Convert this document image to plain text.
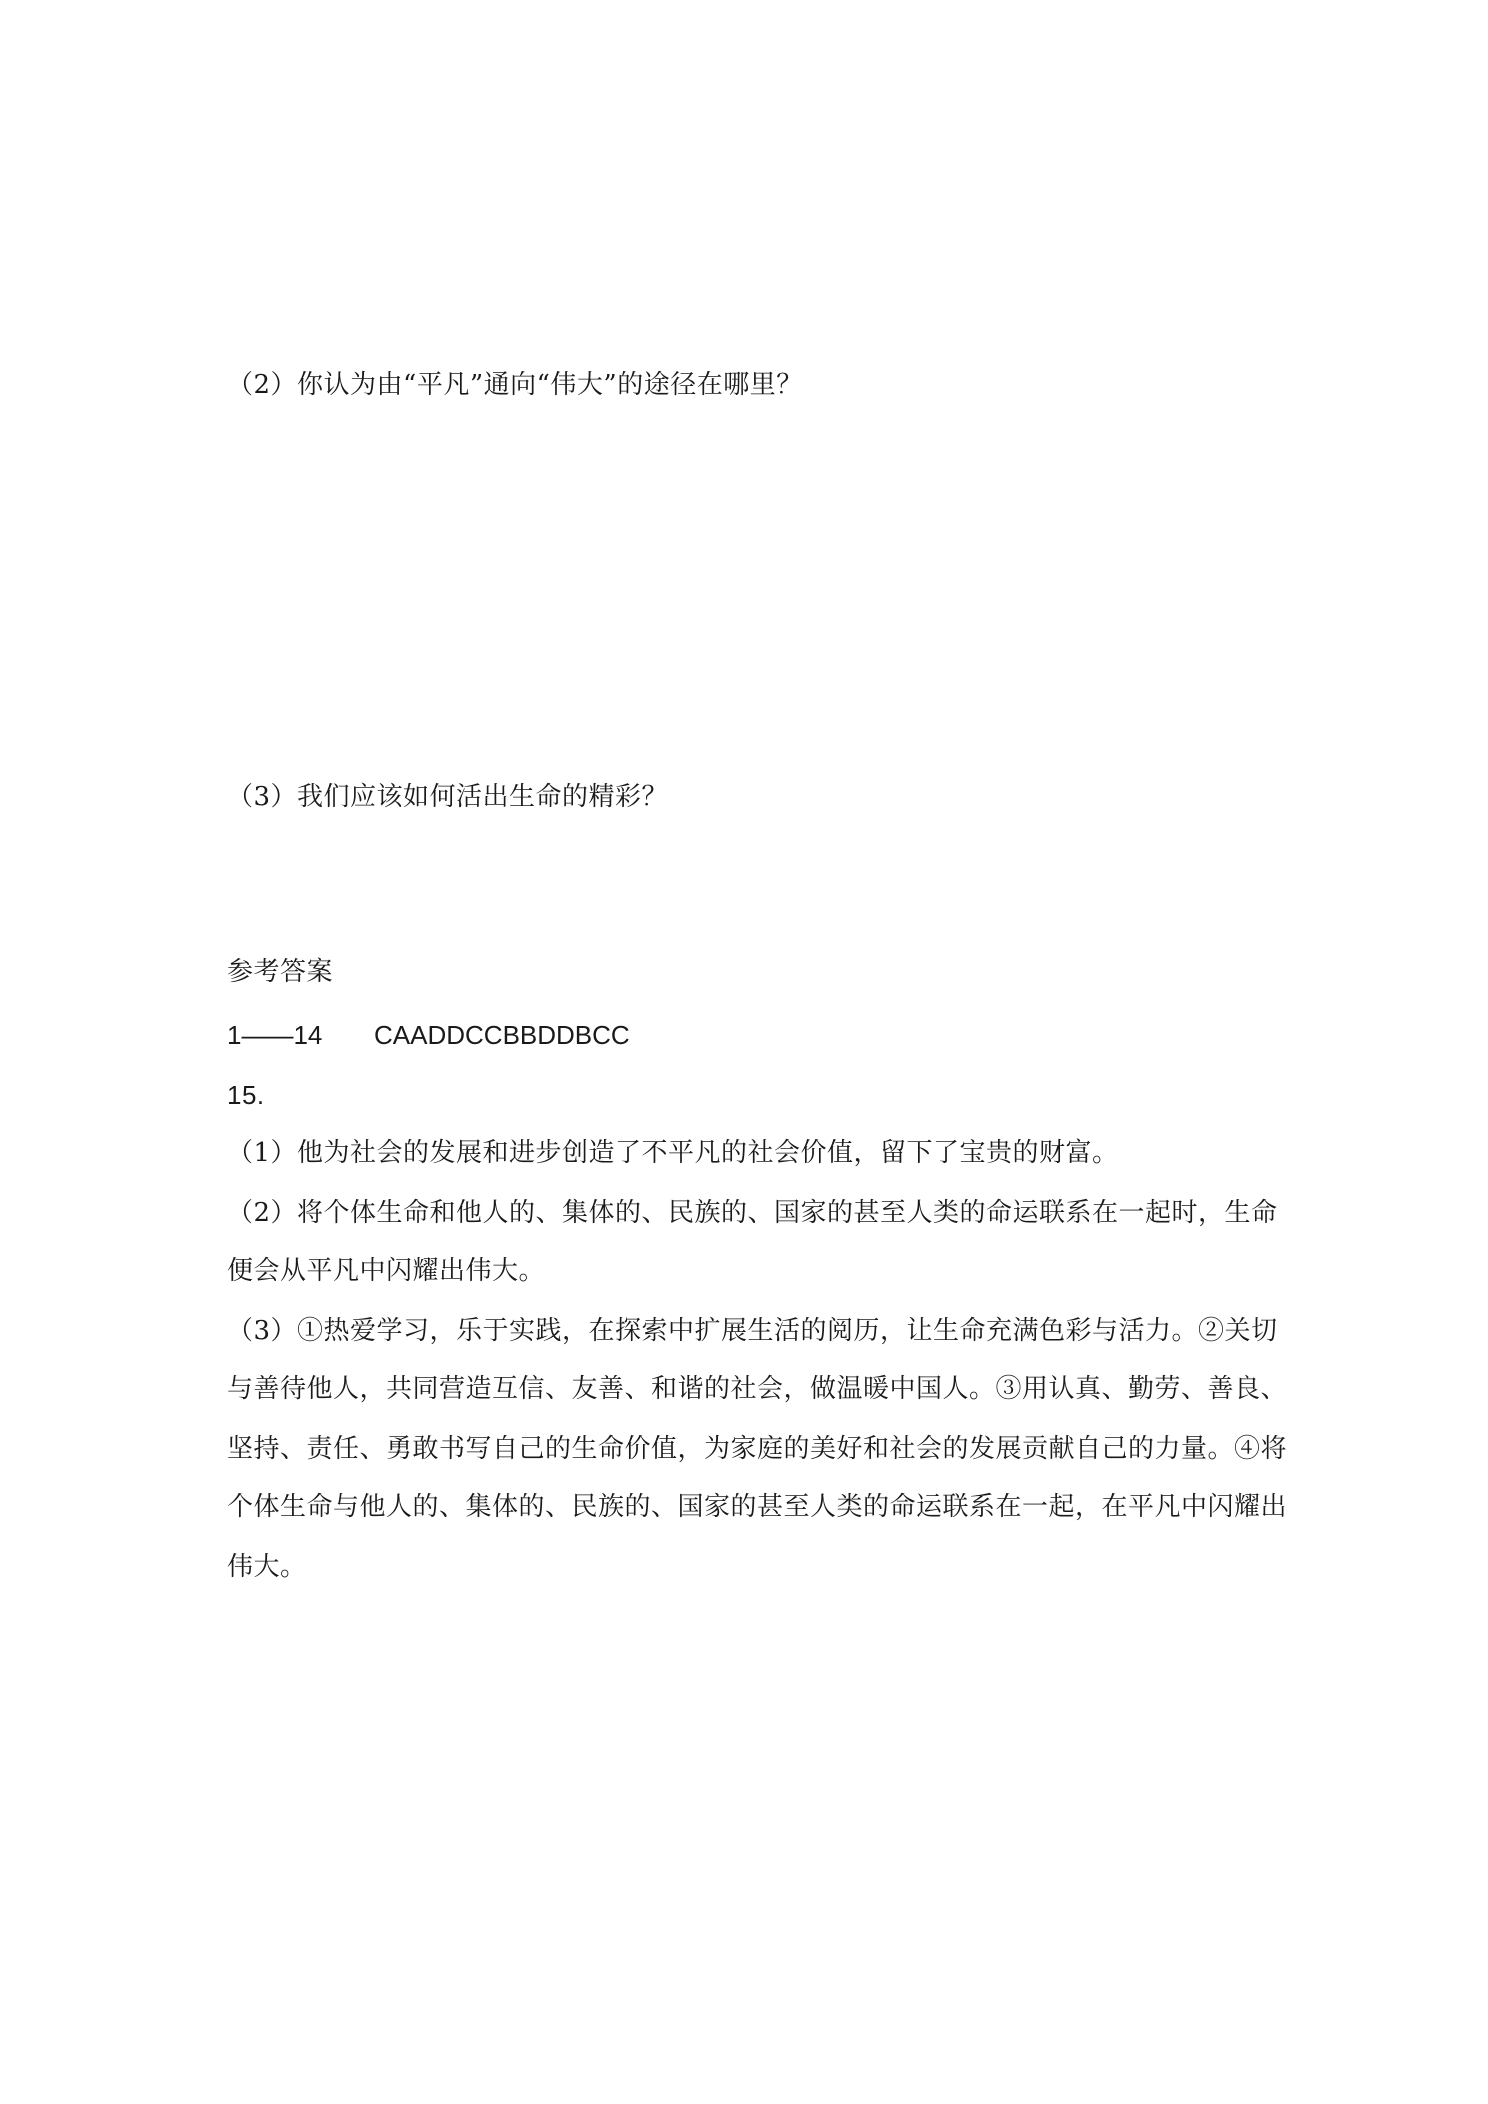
（2）你认为由“平凡”通向“伟大”的途径在哪里？
（3）我们应该如何活出生命的精彩？
参考答案
1——14 CAADDCCBBDDBCC
15.
（1）他为社会的发展和进步创造了不平凡的社会价值，留下了宝贵的财富。
（2）将个体生命和他人的、集体的、民族的、国家的甚至人类的命运联系在一起时，生命
便会从平凡中闪耀出伟大。
（3）①热爱学习，乐于实践，在探索中扩展生活的阅历，让生命充满色彩与活力。②关切
与善待他人，共同营造互信、友善、和谐的社会，做温暖中国人。③用认真、勤劳、善良、
坚持、责任、勇敢书写自己的生命价值，为家庭的美好和社会的发展贡献自己的力量。④将
个体生命与他人的、集体的、民族的、国家的甚至人类的命运联系在一起，在平凡中闪耀出
伟大。
